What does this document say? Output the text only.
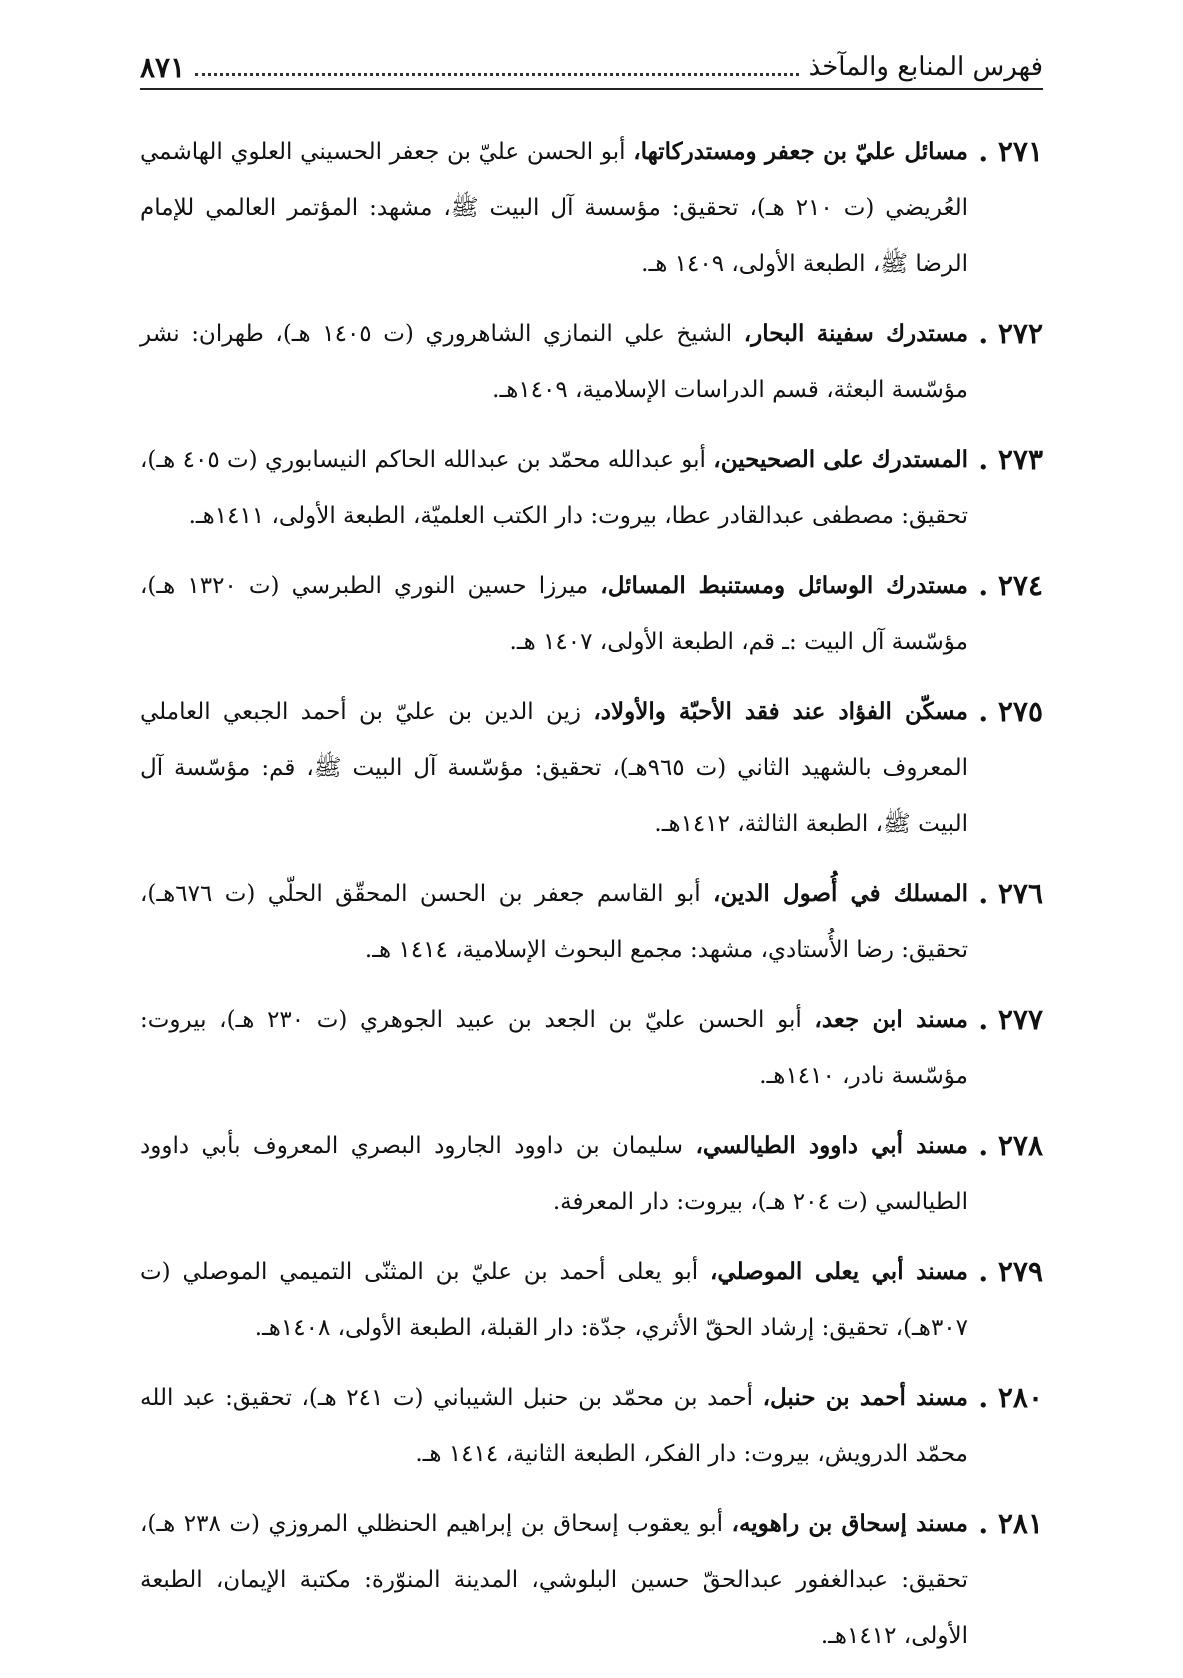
فهرس المنابع والمآخذ
٨٧١
٢٧١ .
مسائل عليّ بن جعفر ومستدركاتها، أبو الحسن عليّ بن جعفر الحسيني العلوي الهاشمي العُريضي (ت ٢١٠ هـ)، تحقيق: مؤسسة آل البيت ﷺ، مشهد: المؤتمر العالمي للإمام الرضا ﷺ، الطبعة الأولى، ١٤٠٩ هـ.
٢٧٢ .
مستدرك سفينة البحار، الشيخ علي النمازي الشاهروري (ت ١٤٠٥ هـ)، طهران: نشر مؤسّسة البعثة، قسم الدراسات الإسلامية، ١٤٠٩هـ.
٢٧٣ .
المستدرك على الصحيحين، أبو عبدالله محمّد بن عبدالله الحاكم النيسابوري (ت ٤٠٥ هـ)، تحقيق: مصطفى عبدالقادر عطا، بيروت: دار الكتب العلميّة، الطبعة الأولى، ١٤١١هـ.
٢٧٤ .
مستدرك الوسائل ومستنبط المسائل، ميرزا حسين النوري الطبرسي (ت ١٣٢٠ هـ)، مؤسّسة آل البيت :ـ قم، الطبعة الأولى، ١٤٠٧ هـ.
٢٧٥ .
مسكّن الفؤاد عند فقد الأحبّة والأولاد، زين الدين بن عليّ بن أحمد الجبعي العاملي المعروف بالشهيد الثاني (ت ٩٦٥هـ)، تحقيق: مؤسّسة آل البيت ﷺ، قم: مؤسّسة آل البيت ﷺ، الطبعة الثالثة، ١٤١٢هـ.
٢٧٦ .
المسلك في أُصول الدين، أبو القاسم جعفر بن الحسن المحقّق الحلّي (ت ٦٧٦هـ)، تحقيق: رضا الأُستادي، مشهد: مجمع البحوث الإسلامية، ١٤١٤ هـ.
٢٧٧ .
مسند ابن جعد، أبو الحسن عليّ بن الجعد بن عبيد الجوهري (ت ٢٣٠ هـ)، بيروت: مؤسّسة نادر، ١٤١٠هـ.
٢٧٨ .
مسند أبي داوود الطيالسي، سليمان بن داوود الجارود البصري المعروف بأبي داوود الطيالسي (ت ٢٠٤ هـ)، بيروت: دار المعرفة.
٢٧٩ .
مسند أبي يعلى الموصلي، أبو يعلى أحمد بن عليّ بن المثنّى التميمي الموصلي (ت ٣٠٧هـ)، تحقيق: إرشاد الحقّ الأثري، جدّة: دار القبلة، الطبعة الأولى، ١٤٠٨هـ.
٢٨٠ .
مسند أحمد بن حنبل، أحمد بن محمّد بن حنبل الشيباني (ت ٢٤١ هـ)، تحقيق: عبد الله محمّد الدرويش، بيروت: دار الفكر، الطبعة الثانية، ١٤١٤ هـ.
٢٨١ .
مسند إسحاق بن راهويه، أبو يعقوب إسحاق بن إبراهيم الحنظلي المروزي (ت ٢٣٨ هـ)، تحقيق: عبدالغفور عبدالحقّ حسين البلوشي، المدينة المنوّرة: مكتبة الإيمان، الطبعة الأولى، ١٤١٢هـ.
